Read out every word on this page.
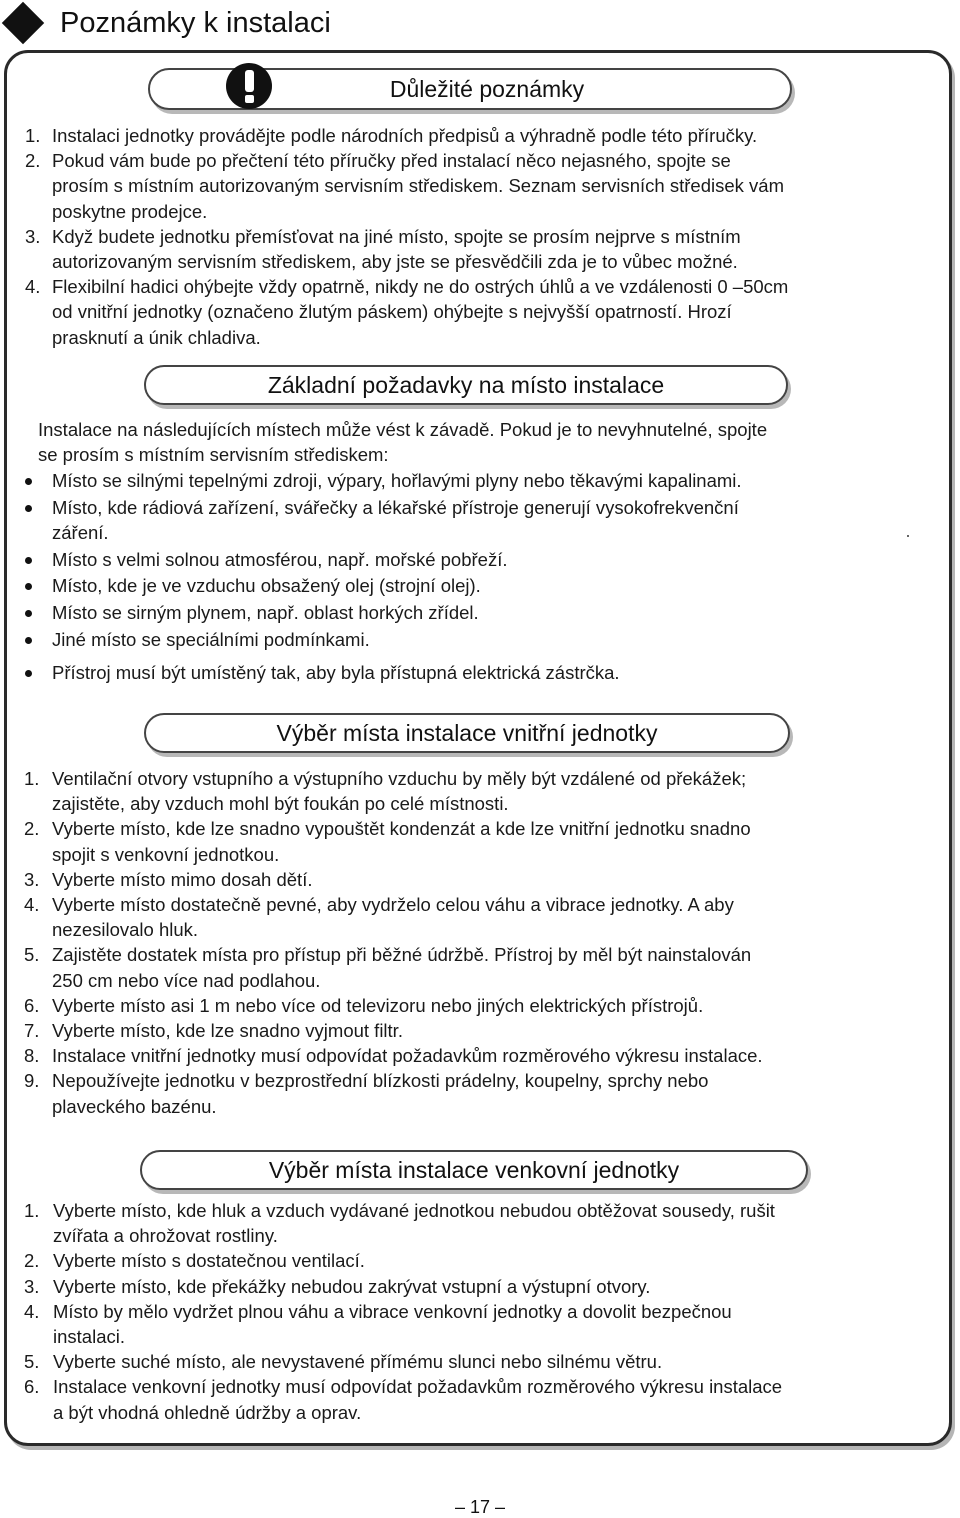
Poznámky k instalaci
Důležité poznámky
1. Instalaci jednotky provádějte podle národních předpisů a výhradně podle této příručky.
2. Pokud vám bude po přečtení této příručky před instalací něco nejasného, spojte se
prosím s místním autorizovaným servisním střediskem. Seznam servisních středisek vám
poskytne prodejce.
3. Když budete jednotku přemísťovat na jiné místo, spojte se prosím nejprve s místním
autorizovaným servisním střediskem, aby jste se přesvědčili zda je to vůbec možné.
4. Flexibilní hadici ohýbejte vždy opatrně, nikdy ne do ostrých úhlů a ve vzdálenosti 0 –50cm
od vnitřní jednotky (označeno žlutým páskem) ohýbejte s nejvyšší opatrností. Hrozí
prasknutí a únik chladiva.
Základní požadavky na místo instalace
Instalace na následujících místech může vést k závadě. Pokud je to nevyhnutelné, spojte
se prosím s místním servisním střediskem:
Místo se silnými tepelnými zdroji, výpary, hořlavými plyny nebo těkavými kapalinami.
Místo, kde rádiová zařízení, svářečky a lékařské přístroje generují vysokofrekvenční
záření.
Místo s velmi solnou atmosférou, např. mořské pobřeží.
Místo, kde je ve vzduchu obsažený olej (strojní olej).
Místo se sirným plynem, např. oblast horkých zřídel.
Jiné místo se speciálními podmínkami.
Přístroj musí být umístěný tak, aby byla přístupná elektrická zástrčka.
Výběr místa instalace vnitřní jednotky
1. Ventilační otvory vstupního a výstupního vzduchu by měly být vzdálené od překážek;
zajistěte, aby vzduch mohl být foukán po celé místnosti.
2. Vyberte místo, kde lze snadno vypouštět kondenzát a kde lze vnitřní jednotku snadno
spojit s venkovní jednotkou.
3. Vyberte místo mimo dosah dětí.
4. Vyberte místo dostatečně pevné, aby vydrželo celou váhu a vibrace jednotky. A aby
nezesilovalo hluk.
5. Zajistěte dostatek místa pro přístup při běžné údržbě. Přístroj by měl být nainstalován
250 cm nebo více nad podlahou.
6. Vyberte místo asi 1 m nebo více od televizoru nebo jiných elektrických přístrojů.
7. Vyberte místo, kde lze snadno vyjmout filtr.
8. Instalace vnitřní jednotky musí odpovídat požadavkům rozměrového výkresu instalace.
9. Nepoužívejte jednotku v bezprostřední blízkosti prádelny, koupelny, sprchy nebo
plaveckého bazénu.
Výběr místa instalace venkovní jednotky
1. Vyberte místo, kde hluk a vzduch vydávané jednotkou nebudou obtěžovat sousedy, rušit
zvířata a ohrožovat rostliny.
2. Vyberte místo s dostatečnou ventilací.
3. Vyberte místo, kde překážky nebudou zakrývat vstupní a výstupní otvory.
4. Místo by mělo vydržet plnou váhu a vibrace venkovní jednotky a dovolit bezpečnou
instalaci.
5. Vyberte suché místo, ale nevystavené přímému slunci nebo silnému větru.
6. Instalace venkovní jednotky musí odpovídat požadavkům rozměrového výkresu instalace
a být vhodná ohledně údržby a oprav.
– 17 –
